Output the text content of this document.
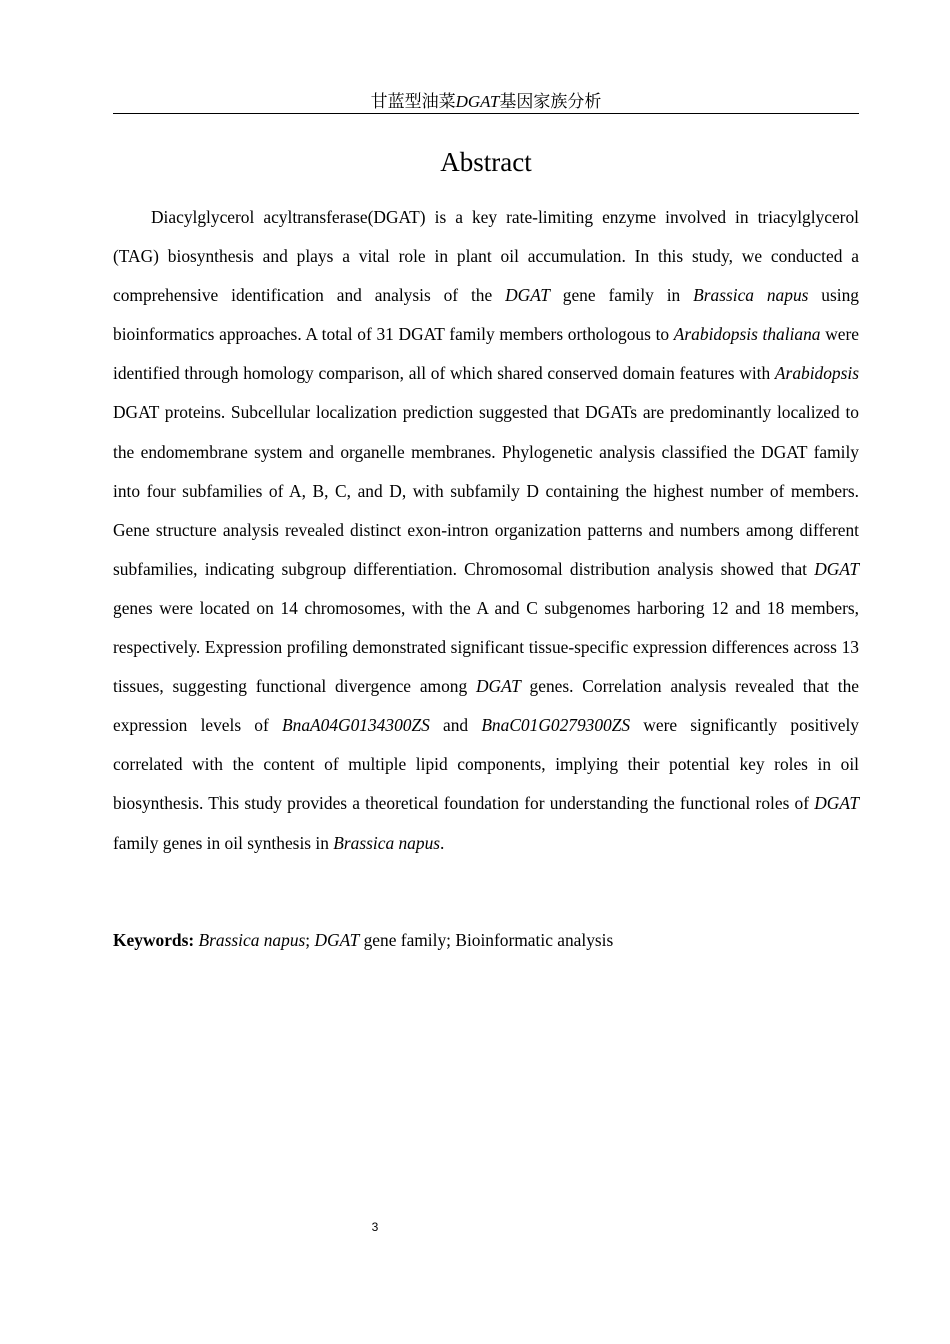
甘蓝型油菜DGAT基因家族分析
Abstract

Diacylglycerol acyltransferase(DGAT) is a key rate-limiting enzyme involved in triacylglycerol (TAG) biosynthesis and plays a vital role in plant oil accumulation. In this study, we conducted a comprehensive identification and analysis of the DGAT gene family in Brassica napus using bioinformatics approaches. A total of 31 DGAT family members orthologous to Arabidopsis thaliana were identified through homology comparison, all of which shared conserved domain features with Arabidopsis DGAT proteins. Subcellular localization prediction suggested that DGATs are predominantly localized to the endomembrane system and organelle membranes. Phylogenetic analysis classified the DGAT family into four subfamilies of A, B, C, and D, with subfamily D containing the highest number of members. Gene structure analysis revealed distinct exon-intron organization patterns and numbers among different subfamilies, indicating subgroup differentiation. Chromosomal distribution analysis showed that DGAT genes were located on 14 chromosomes, with the A and C subgenomes harboring 12 and 18 members, respectively. Expression profiling demonstrated significant tissue-specific expression differences across 13 tissues, suggesting functional divergence among DGAT genes. Correlation analysis revealed that the expression levels of BnaA04G0134300ZS and BnaC01G0279300ZS were significantly positively correlated with the content of multiple lipid components, implying their potential key roles in oil biosynthesis. This study provides a theoretical foundation for understanding the functional roles of DGAT family genes in oil synthesis in Brassica napus.

Keywords: Brassica napus; DGAT gene family; Bioinformatic analysis
3
